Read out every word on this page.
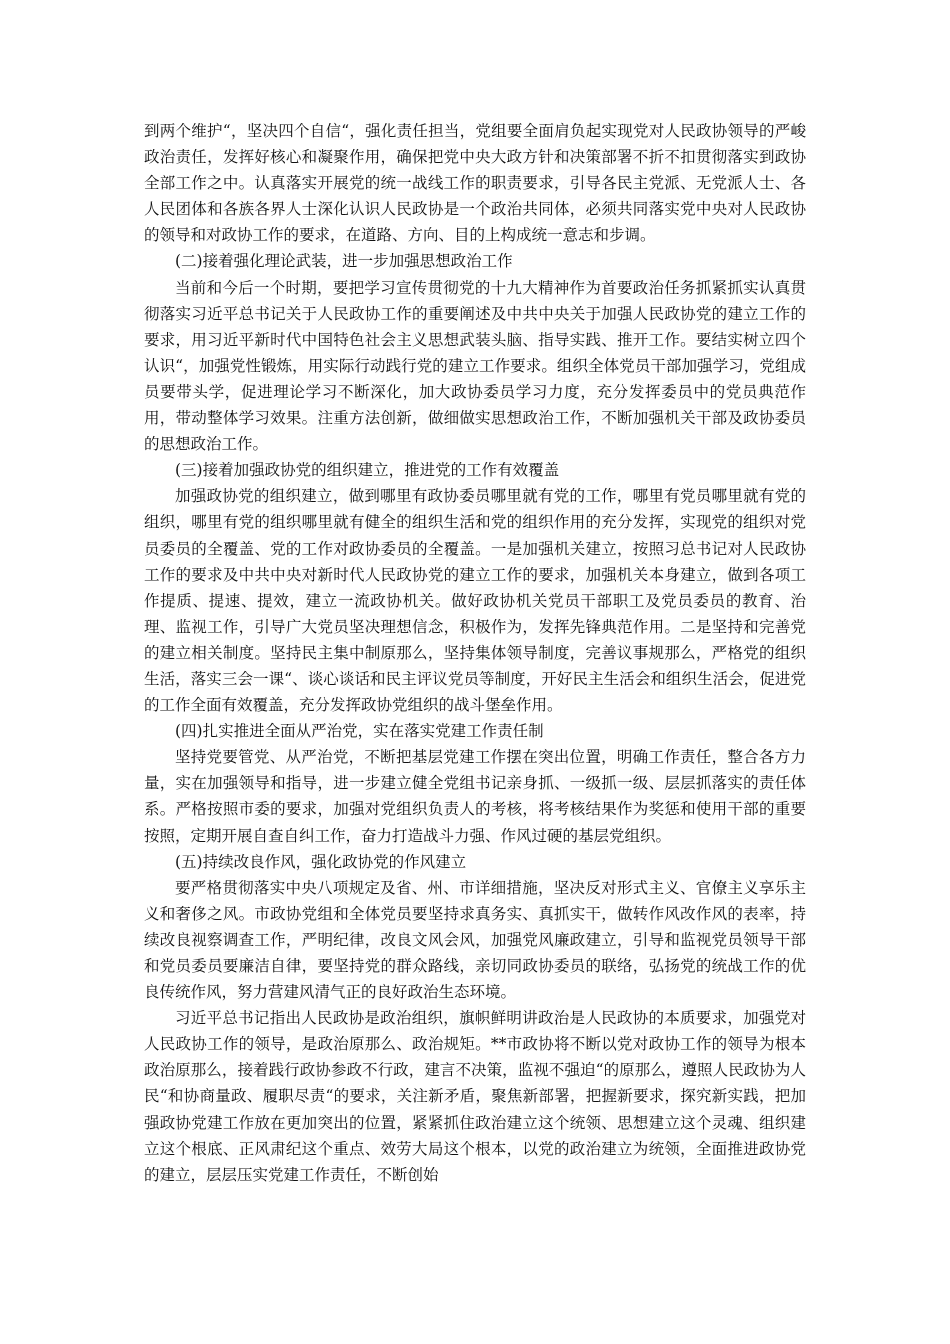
到两个维护“，坚决四个自信“，强化责任担当，党组要全面肩负起实现党对人民政协领导的严峻政治责任，发挥好核心和凝聚作用，确保把党中央大政方针和决策部署不折不扣贯彻落实到政协全部工作之中。认真落实开展党的统一战线工作的职责要求，引导各民主党派、无党派人士、各人民团体和各族各界人士深化认识人民政协是一个政治共同体，必须共同落实党中央对人民政协的领导和对政协工作的要求，在道路、方向、目的上构成统一意志和步调。

(二)接着强化理论武装，进一步加强思想政治工作

当前和今后一个时期，要把学习宣传贯彻党的十九大精神作为首要政治任务抓紧抓实认真贯彻落实习近平总书记关于人民政协工作的重要阐述及中共中央关于加强人民政协党的建立工作的要求，用习近平新时代中国特色社会主义思想武装头脑、指导实践、推开工作。要结实树立四个认识“，加强党性锻炼，用实际行动践行党的建立工作要求。组织全体党员干部加强学习，党组成员要带头学，促进理论学习不断深化，加大政协委员学习力度，充分发挥委员中的党员典范作用，带动整体学习效果。注重方法创新，做细做实思想政治工作，不断加强机关干部及政协委员的思想政治工作。

(三)接着加强政协党的组织建立，推进党的工作有效覆盖

加强政协党的组织建立，做到哪里有政协委员哪里就有党的工作，哪里有党员哪里就有党的组织，哪里有党的组织哪里就有健全的组织生活和党的组织作用的充分发挥，实现党的组织对党员委员的全覆盖、党的工作对政协委员的全覆盖。一是加强机关建立，按照习总书记对人民政协工作的要求及中共中央对新时代人民政协党的建立工作的要求，加强机关本身建立，做到各项工作提质、提速、提效，建立一流政协机关。做好政协机关党员干部职工及党员委员的教育、治理、监视工作，引导广大党员坚决理想信念，积极作为，发挥先锋典范作用。二是坚持和完善党的建立相关制度。坚持民主集中制原那么，坚持集体领导制度，完善议事规那么，严格党的组织生活，落实三会一课“、谈心谈话和民主评议党员等制度，开好民主生活会和组织生活会，促进党的工作全面有效覆盖，充分发挥政协党组织的战斗堡垒作用。

(四)扎实推进全面从严治党，实在落实党建工作责任制

坚持党要管党、从严治党，不断把基层党建工作摆在突出位置，明确工作责任，整合各方力量，实在加强领导和指导，进一步建立健全党组书记亲身抓、一级抓一级、层层抓落实的责任体系。严格按照市委的要求，加强对党组织负责人的考核，将考核结果作为奖惩和使用干部的重要按照，定期开展自查自纠工作，奋力打造战斗力强、作风过硬的基层党组织。

(五)持续改良作风，强化政协党的作风建立

要严格贯彻落实中央八项规定及省、州、市详细措施，坚决反对形式主义、官僚主义享乐主义和奢侈之风。市政协党组和全体党员要坚持求真务实、真抓实干，做转作风改作风的表率，持续改良视察调查工作，严明纪律，改良文风会风，加强党风廉政建立，引导和监视党员领导干部和党员委员要廉洁自律，要坚持党的群众路线，亲切同政协委员的联络，弘扬党的统战工作的优良传统作风，努力营建风清气正的良好政治生态环境。

习近平总书记指出人民政协是政治组织，旗帜鲜明讲政治是人民政协的本质要求，加强党对人民政协工作的领导，是政治原那么、政治规矩。**市政协将不断以党对政协工作的领导为根本政治原那么，接着践行政协参政不行政，建言不决策，监视不强迫“的原那么，遵照人民政协为人民“和协商量政、履职尽责“的要求，关注新矛盾，聚焦新部署，把握新要求，探究新实践，把加强政协党建工作放在更加突出的位置，紧紧抓住政治建立这个统领、思想建立这个灵魂、组织建立这个根底、正风肃纪这个重点、效劳大局这个根本，以党的政治建立为统领，全面推进政协党的建立，层层压实党建工作责任，不断创始
